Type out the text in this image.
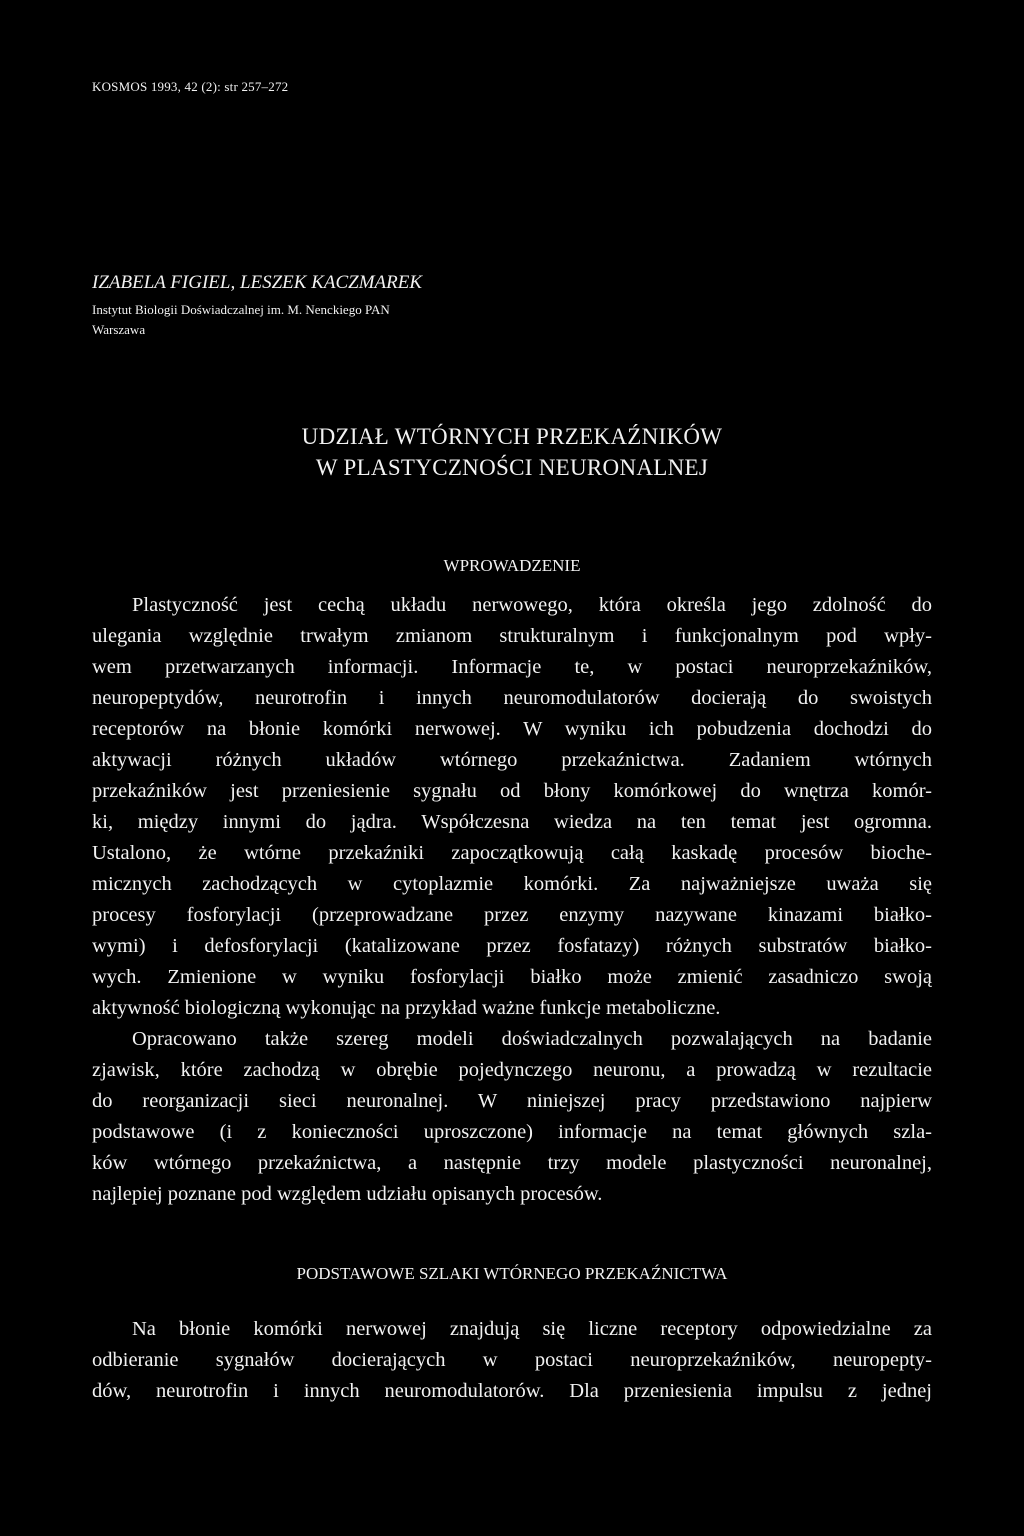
KOSMOS 1993, 42 (2): str 257–272
IZABELA FIGIEL, LESZEK KACZMAREK
Instytut Biologii Doświadczalnej im. M. Nenckiego PAN
Warszawa
UDZIAŁ WTÓRNYCH PRZEKAŹNIKÓW
W PLASTYCZNOŚCI NEURONALNEJ
WPROWADZENIE
Plastyczność jest cechą układu nerwowego, która określa jego zdolność do
ulegania względnie trwałym zmianom strukturalnym i funkcjonalnym pod wpły-
wem przetwarzanych informacji. Informacje te, w postaci neuroprzekaźników,
neuropeptydów, neurotrofin i innych neuromodulatorów docierają do swoistych
receptorów na błonie komórki nerwowej. W wyniku ich pobudzenia dochodzi do
aktywacji różnych układów wtórnego przekaźnictwa. Zadaniem wtórnych
przekaźników jest przeniesienie sygnału od błony komórkowej do wnętrza komór-
ki, między innymi do jądra. Współczesna wiedza na ten temat jest ogromna.
Ustalono, że wtórne przekaźniki zapoczątkowują całą kaskadę procesów bioche-
micznych zachodzących w cytoplazmie komórki. Za najważniejsze uważa się
procesy fosforylacji (przeprowadzane przez enzymy nazywane kinazami białko-
wymi) i defosforylacji (katalizowane przez fosfatazy) różnych substratów białko-
wych. Zmienione w wyniku fosforylacji białko może zmienić zasadniczo swoją
aktywność biologiczną wykonując na przykład ważne funkcje metaboliczne.
Opracowano także szereg modeli doświadczalnych pozwalających na badanie
zjawisk, które zachodzą w obrębie pojedynczego neuronu, a prowadzą w rezultacie
do reorganizacji sieci neuronalnej. W niniejszej pracy przedstawiono najpierw
podstawowe (i z konieczności uproszczone) informacje na temat głównych szla-
ków wtórnego przekaźnictwa, a następnie trzy modele plastyczności neuronalnej,
najlepiej poznane pod względem udziału opisanych procesów.
PODSTAWOWE SZLAKI WTÓRNEGO PRZEKAŹNICTWA
Na błonie komórki nerwowej znajdują się liczne receptory odpowiedzialne za
odbieranie sygnałów docierających w postaci neuroprzekaźników, neuropepty-
dów, neurotrofin i innych neuromodulatorów. Dla przeniesienia impulsu z jednej
